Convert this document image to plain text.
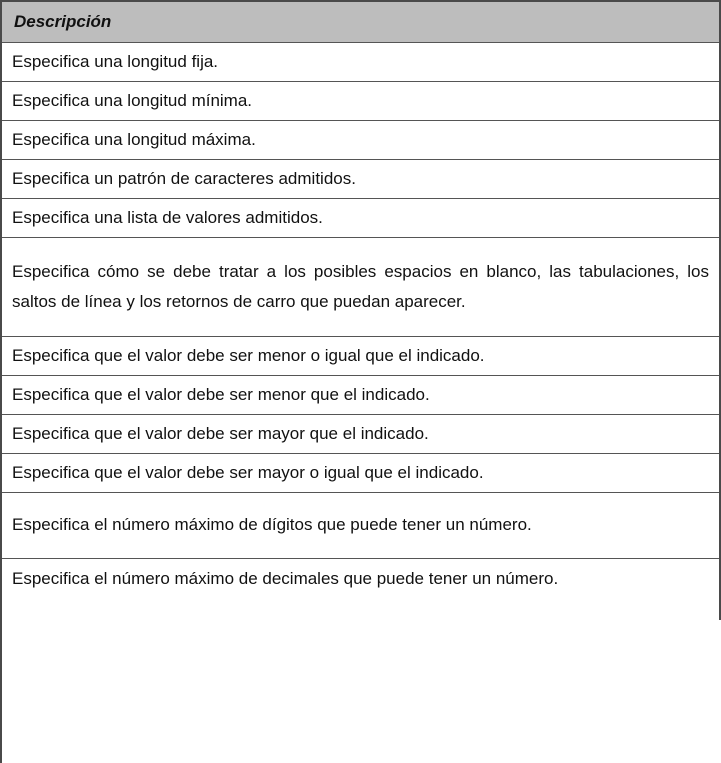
Descripción

Especifica una longitud fija.

Especifica una longitud mínima.

Especifica una longitud máxima.

Especifica un patrón de caracteres admitidos.

Especifica una lista de valores admitidos.

Especifica cómo se debe tratar a los posibles espacios en blanco, las tabulaciones, los saltos de línea y los retornos de carro que puedan aparecer.

Especifica que el valor debe ser menor o igual que el indicado.

Especifica que el valor debe ser menor que el indicado.

Especifica que el valor debe ser mayor que el indicado.

Especifica que el valor debe ser mayor o igual que el indicado.

Especifica el número máximo de dígitos que puede tener un número.

Especifica el número máximo de decimales que puede tener un número.
